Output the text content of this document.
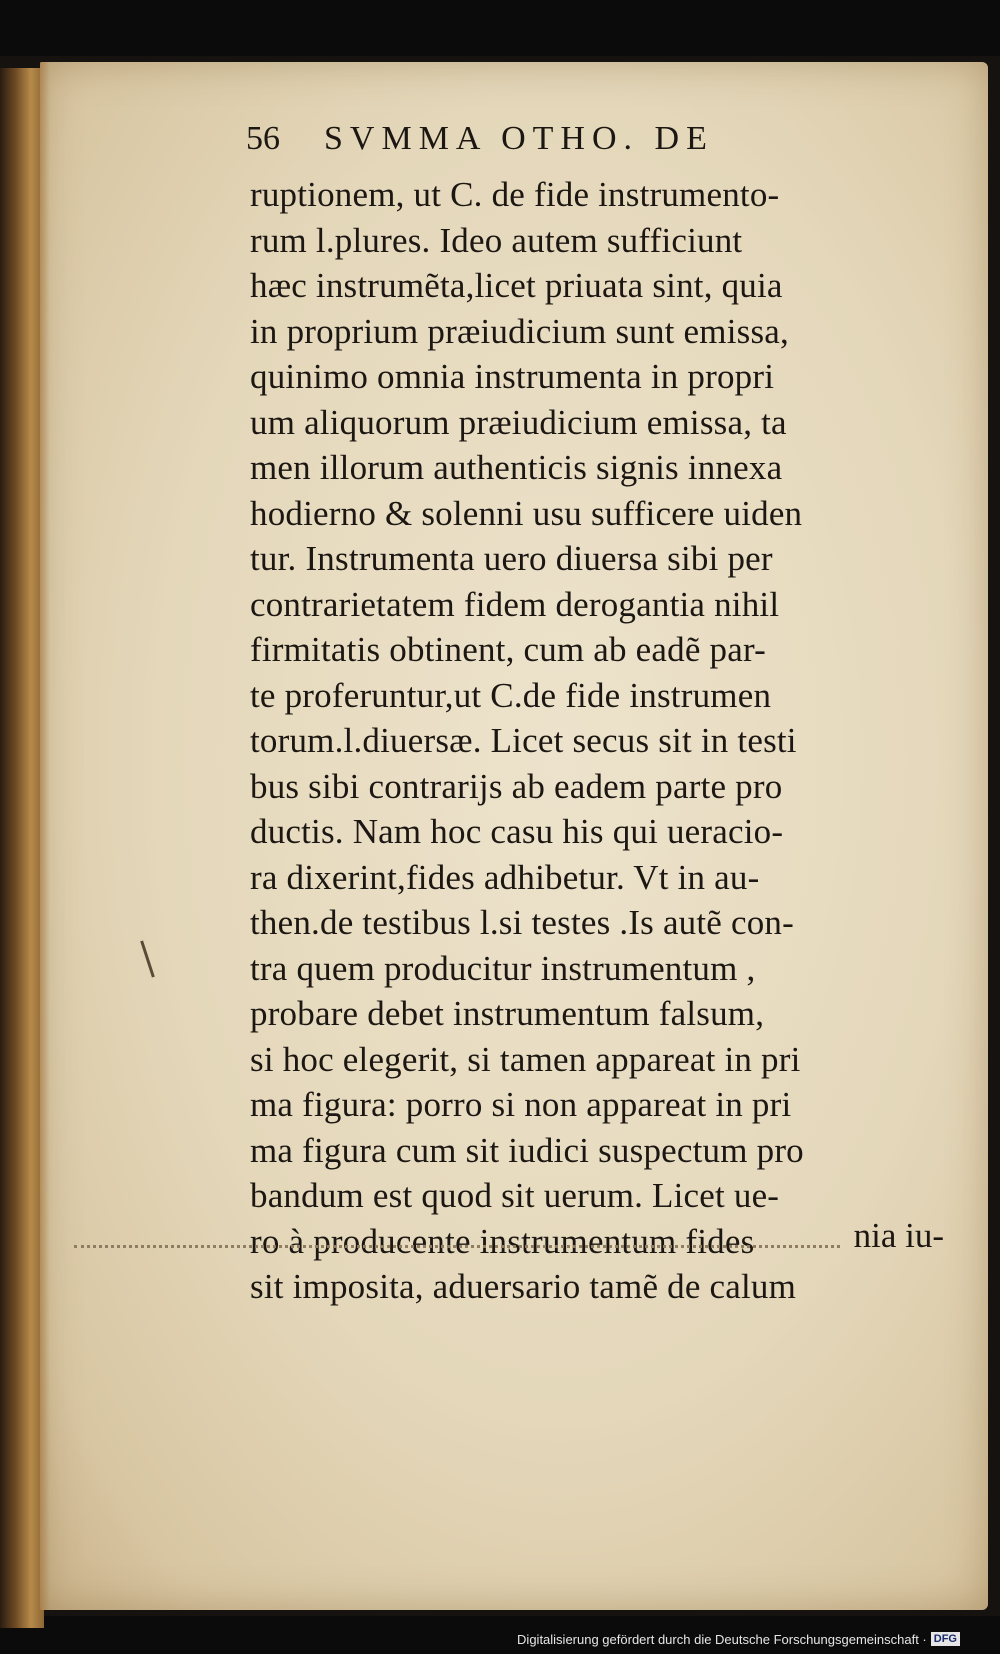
56	SVMMA OTHO. DE
ruptionem, ut C. de fide instrumento-
rum l.plures. Ideo autem sufficiunt
hæc instrumẽta,licet priuata sint, quia
in proprium præiudicium sunt emissa,
quinimo omnia instrumenta in propri
um aliquorum præiudicium emissa, ta
men illorum authenticis signis innexa
hodierno & solenni usu sufficere uiden
tur. Instrumenta uero diuersa sibi per
contrarietatem fidem derogantia nihil
firmitatis obtinent, cum ab eadẽ par-
te proferuntur,ut C.de fide instrumen
torum.l.diuersæ. Licet secus sit in testi
bus sibi contrarijs ab eadem parte pro
ductis. Nam hoc casu his qui ueracio-
ra dixerint,fides adhibetur. Vt in au-
then.de testibus l.si testes .Is autẽ con-
tra quem producitur instrumentum ,
probare debet instrumentum falsum,
si hoc elegerit, si tamen appareat in pri
ma figura: porro si non appareat in pri
ma figura cum sit iudici suspectum pro
bandum est quod sit uerum. Licet ue-
ro à producente instrumentum fides
sit imposita, aduersario tamẽ de calum
nia iu-
Digitalisierung gefördert durch die Deutsche Forschungsgemeinschaft · DFG
